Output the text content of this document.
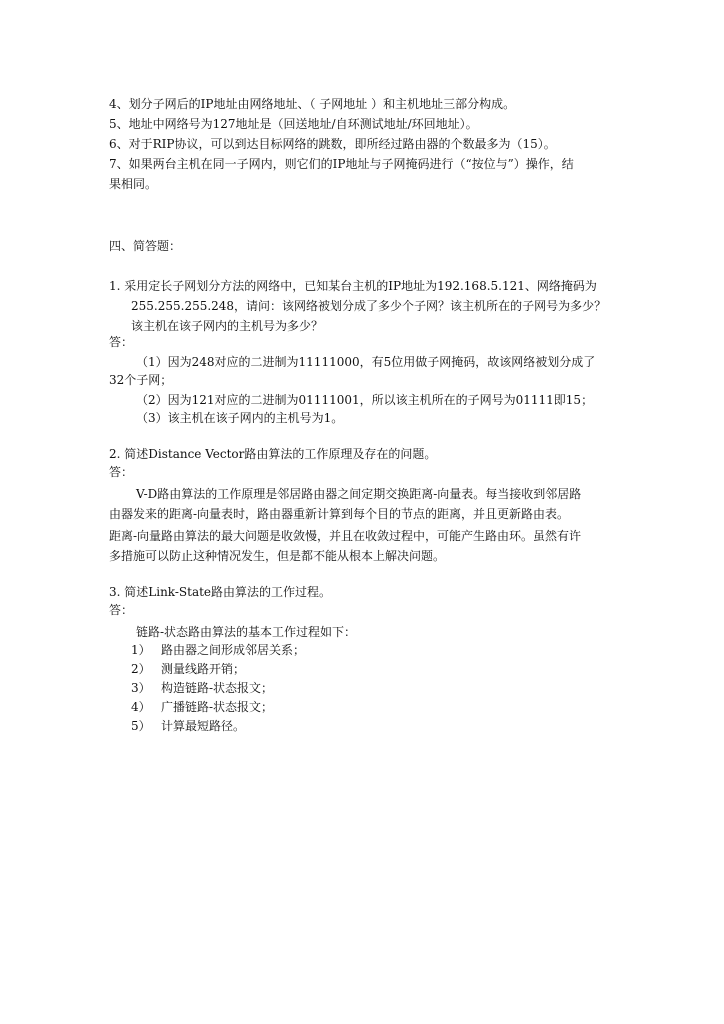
4、划分子网后的IP地址由网络地址、（ 子网地址 ）和主机地址三部分构成。
5、地址中网络号为127地址是（回送地址/自环测试地址/环回地址）。
6、对于RIP协议，可以到达目标网络的跳数，即所经过路由器的个数最多为（15）。
7、如果两台主机在同一子网内，则它们的IP地址与子网掩码进行（“按位与”）操作，结
果相同。
四、简答题：
1. 采用定长子网划分方法的网络中，已知某台主机的IP地址为192.168.5.121、网络掩码为
255.255.255.248，请问：该网络被划分成了多少个子网？该主机所在的子网号为多少？
该主机在该子网内的主机号为多少？
答：
（1）因为248对应的二进制为11111000，有5位用做子网掩码，故该网络被划分成了
32个子网；
（2）因为121对应的二进制为01111001，所以该主机所在的子网号为01111即15；
（3）该主机在该子网内的主机号为1。
2. 简述Distance Vector路由算法的工作原理及存在的问题。
答：
V-D路由算法的工作原理是邻居路由器之间定期交换距离-向量表。每当接收到邻居路
由器发来的距离-向量表时，路由器重新计算到每个目的节点的距离，并且更新路由表。
距离-向量路由算法的最大问题是收敛慢，并且在收敛过程中，可能产生路由环。虽然有许
多措施可以防止这种情况发生，但是都不能从根本上解决问题。
3. 简述Link-State路由算法的工作过程。
答：
链路-状态路由算法的基本工作过程如下：
1） 路由器之间形成邻居关系；
2） 测量线路开销；
3） 构造链路-状态报文；
4） 广播链路-状态报文；
5） 计算最短路径。
